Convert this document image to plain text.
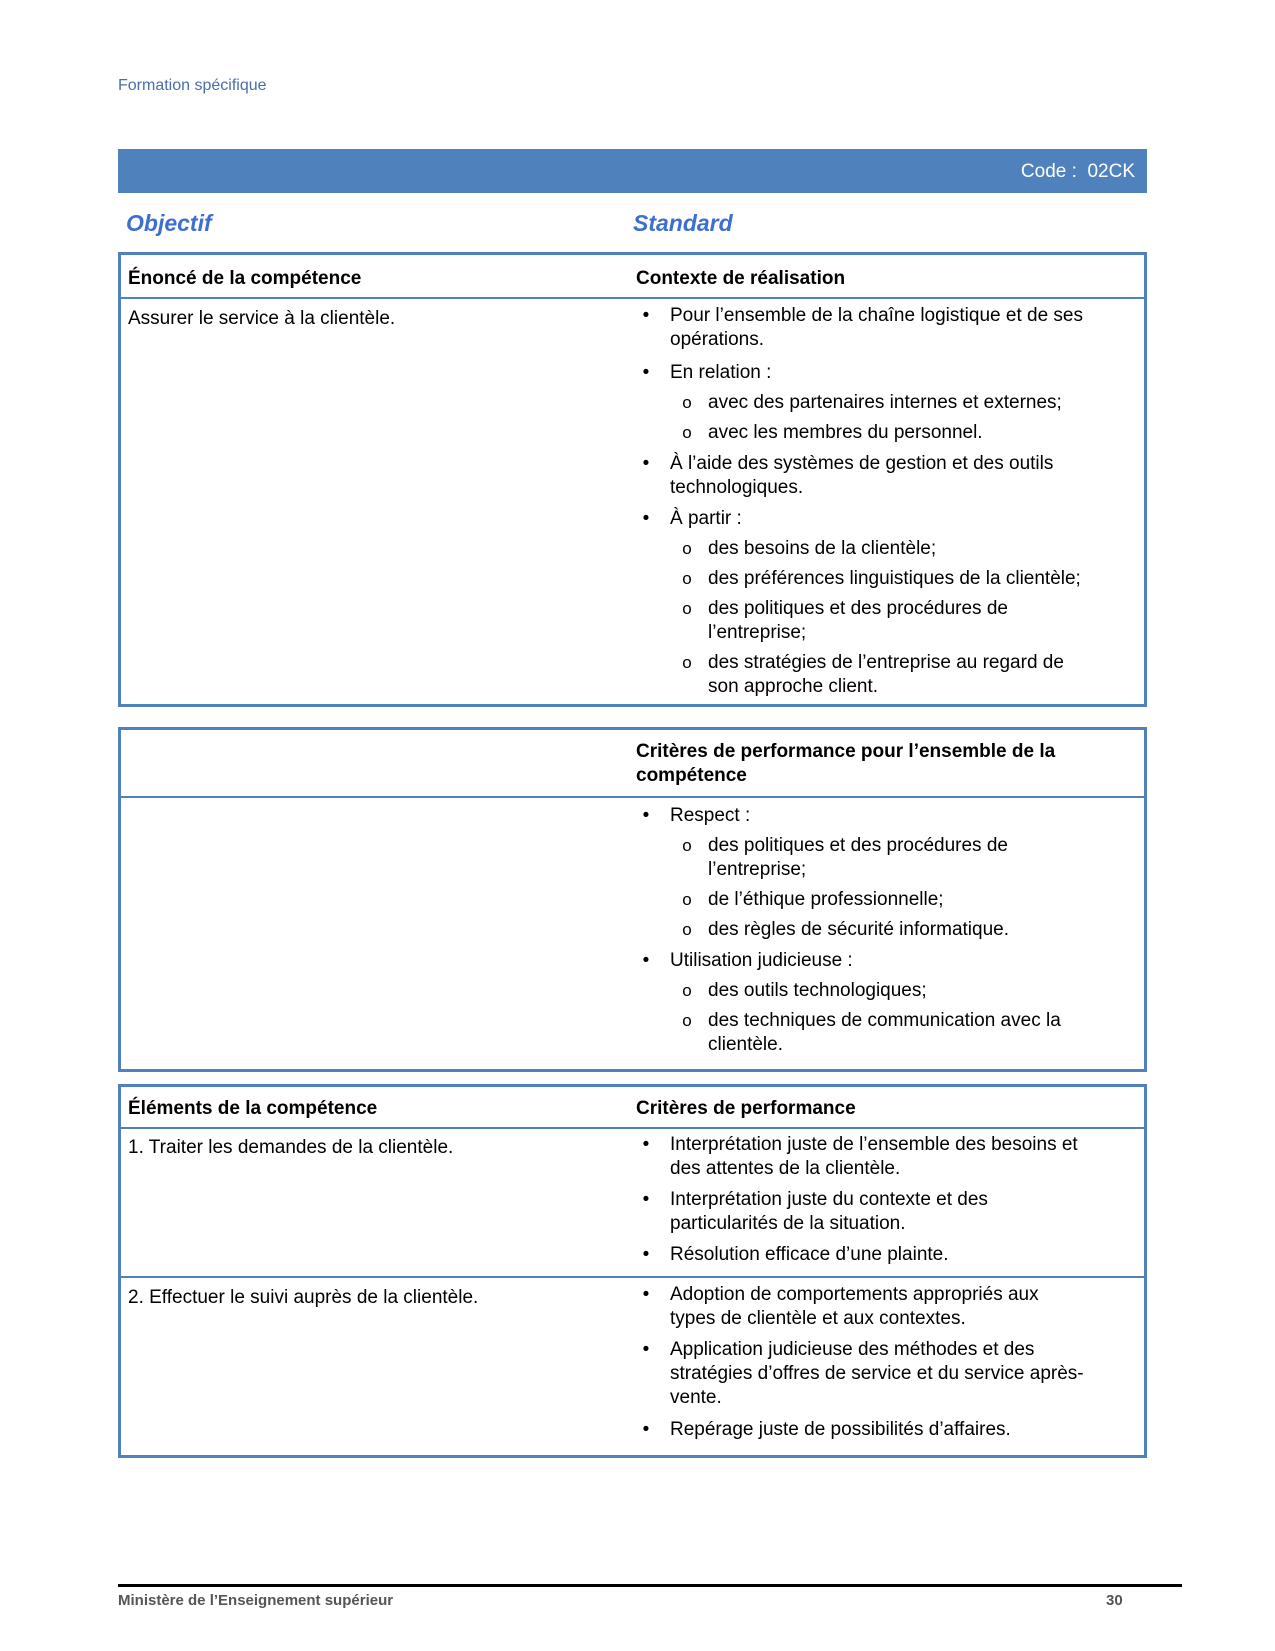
Formation spécifique
Code : 02CK
Objectif	Standard
Énoncé de la compétence	Contexte de réalisation
Assurer le service à la clientèle.	•	Pour l’ensemble de la chaîne logistique et de ses
opérations.
•	En relation :
o avec des partenaires internes et externes;
o avec les membres du personnel.
•	À l’aide des systèmes de gestion et des outils
technologiques.
•	À partir :
o des besoins de la clientèle;
o des préférences linguistiques de la clientèle;
o des politiques et des procédures de
l’entreprise;
o des stratégies de l’entreprise au regard de
son approche client.
Critères de performance pour l’ensemble de la
compétence
•	Respect :
o des politiques et des procédures de
l’entreprise;
o de l’éthique professionnelle;
o des règles de sécurité informatique.
•	Utilisation judicieuse :
o des outils technologiques;
o des techniques de communication avec la
clientèle.
Éléments de la compétence	Critères de performance
1. Traiter les demandes de la clientèle.	•	Interprétation juste de l’ensemble des besoins et
des attentes de la clientèle.
•	Interprétation juste du contexte et des
particularités de la situation.
•	Résolution efficace d’une plainte.
2. Effectuer le suivi auprès de la clientèle.	•	Adoption de comportements appropriés aux
types de clientèle et aux contextes.
•	Application judicieuse des méthodes et des
stratégies d’offres de service et du service après-
vente.
•	Repérage juste de possibilités d’affaires.
Ministère de l’Enseignement supérieur	30
